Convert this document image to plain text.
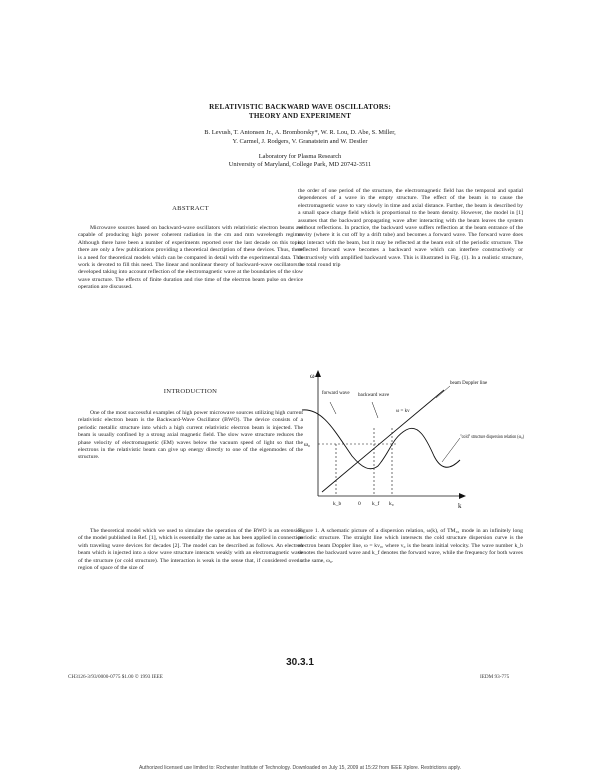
RELATIVISTIC BACKWARD WAVE OSCILLATORS:
THEORY AND EXPERIMENT
B. Levush, T. Antonsen Jr., A. Bromborsky*, W. R. Lou, D. Abe, S. Miller,
Y. Carmel, J. Rodgers, V. Granatstein and W. Destler
Laboratory for Plasma Research
University of Maryland, College Park, MD 20742-3511
ABSTRACT
Microwave sources based on backward-wave oscillators with relativistic electron beams are capable of producing high power coherent radiation in the cm and mm wavelength regime. Although there have been a number of experiments reported over the last decade on this topic, there are only a few publications providing a theoretical description of these devices. Thus, there is a need for theoretical models which can be compared in detail with the experimental data. This work is devoted to fill this need. The linear and nonlinear theory of backward-wave oscillators is developed taking into account reflection of the electromagnetic wave at the boundaries of the slow wave structure. The effects of finite duration and rise time of the electron beam pulse on device operation are discussed.
INTRODUCTION
One of the most successful examples of high power microwave sources utilizing high current relativistic electron beam is the Backward-Wave Oscillator (BWO). The device consists of a periodic metallic structure into which a high current relativistic electron beam is injected. The beam is usually confined by a strong axial magnetic field. The slow wave structure reduces the phase velocity of electromagnetic (EM) waves below the vacuum speed of light so that the electrons in the relativistic beam can give up energy directly to one of the eigenmodes of the structure.
The theoretical model which we used to simulate the operation of the BWO is an extension of the model published in Ref. [1], which is essentially the same as has been applied in connection with traveling wave devices for decades [2]. The model can be described as follows. An electron beam which is injected into a slow wave structure interacts weakly with an electromagnetic wave of the structure (or cold structure). The interaction is weak in the sense that, if considered over a region of space of the size of
the order of one period of the structure, the electromagnetic field has the temporal and spatial dependences of a wave in the empty structure. The effect of the beam is to cause the electromagnetic wave to vary slowly in time and axial distance. Further, the beam is described by a small space charge field which is proportional to the beam density. However, the model in [1] assumes that the backward propagating wave after interacting with the beam leaves the system without reflections. In practice, the backward wave suffers reflection at the beam entrance of the cavity (where it is cut off by a drift tube) and becomes a forward wave. The forward wave does not interact with the beam, but it may be reflected at the beam exit of the periodic structure. The reflected forward wave becomes a backward wave which can interfere constructively or destructively with amplified backward wave. This is illustrated in Fig. (1). In a realistic structure, the total round trip
ω
k
forward wave backward wave
ω = kv
beam Doppler line
"cold" structure dispersion relation (ω₀)
ω₀
k_b	0 k_f k₀
Figure 1. A schematic picture of a dispersion relation, ω(k), of TM₀₁ mode in an infinitely long periodic structure. The straight line which intersects the cold structure dispersion curve is the electron beam Doppler line, ω = kv₀, where v₀ is the beam initial velocity. The wave number k_b denotes the backward wave and k_f denotes the forward wave, while the frequency for both waves is the same, ω₀.
30.3.1
CH3126-3/93/0000-0775 $1.00 © 1993 IEEE	IEDM 93-775
Authorized licensed use limited to: Rochester Institute of Technology. Downloaded on July 15, 2009 at 15:22 from IEEE Xplore. Restrictions apply.
